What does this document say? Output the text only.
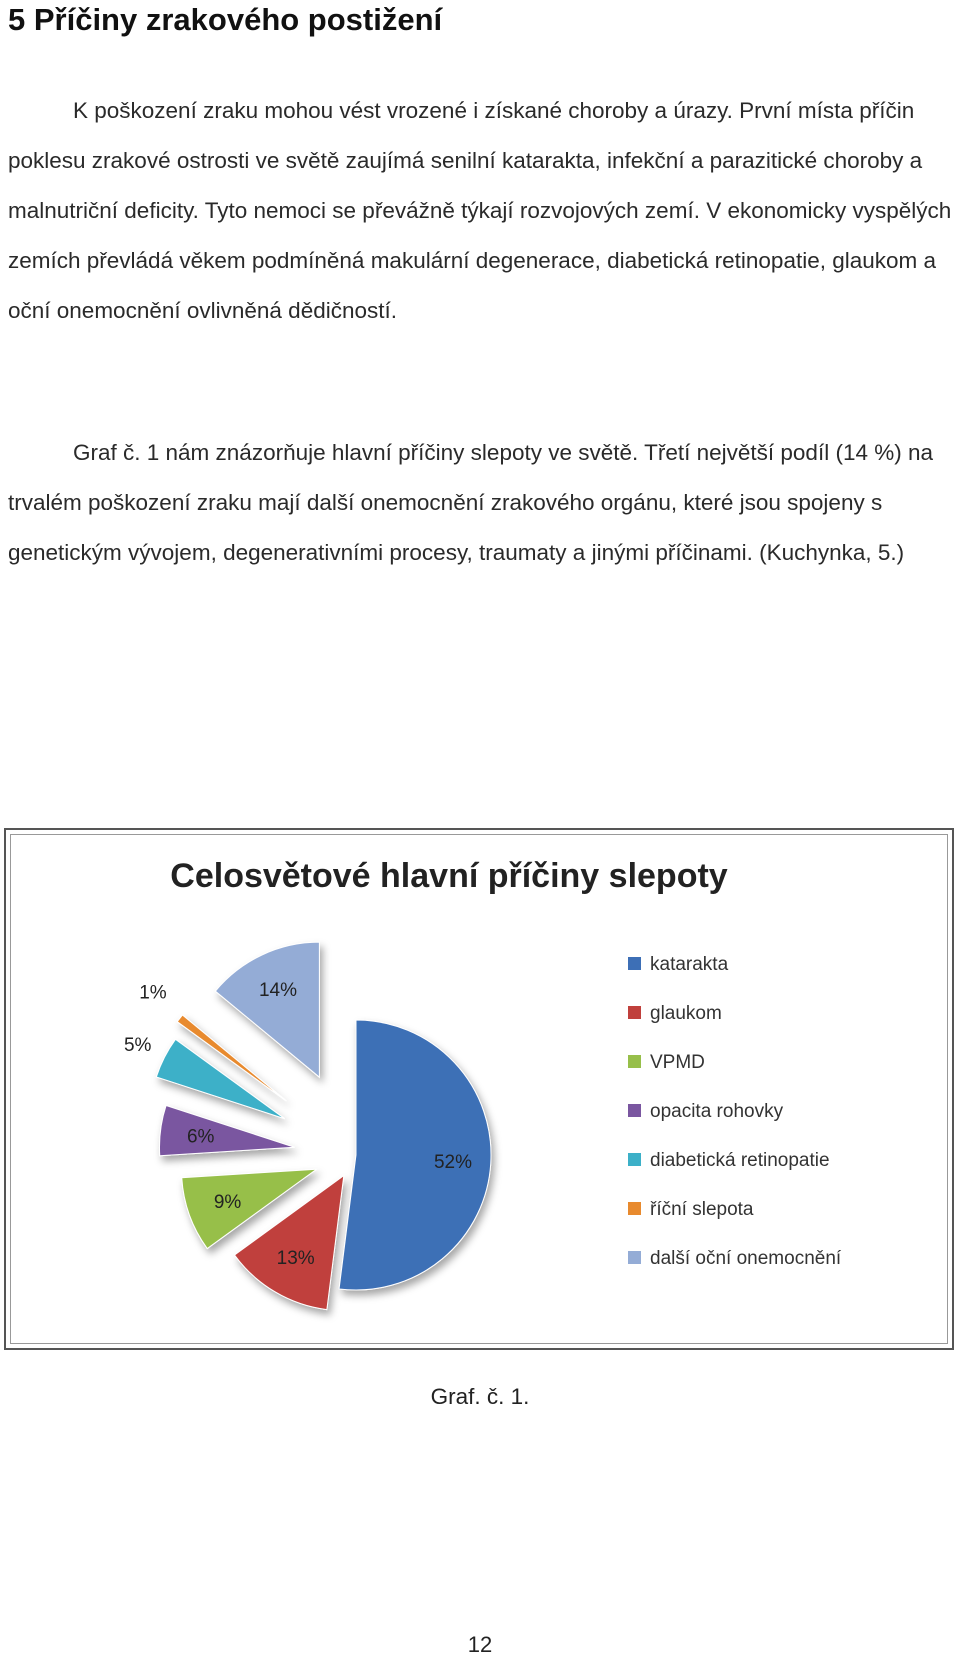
5 Příčiny zrakového postižení

K poškození zraku mohou vést vrozené i získané choroby a úrazy. První místa příčin poklesu zrakové ostrosti ve světě zaujímá senilní katarakta, infekční a parazitické choroby a malnutriční deficity. Tyto nemoci se převážně týkají rozvojových zemí. V ekonomicky vyspělých zemích převládá věkem podmíněná makulární degenerace, diabetická retinopatie, glaukom a oční onemocnění ovlivněná dědičností.

Graf č. 1 nám znázorňuje hlavní příčiny slepoty ve světě. Třetí největší podíl (14 %) na trvalém poškození zraku mají další onemocnění zrakového orgánu, které jsou spojeny s genetickým vývojem, degenerativními procesy, traumaty a jinými příčinami. (Kuchynka, 5.)

Celosvětové hlavní příčiny slepoty
52%
13%
9%
6%
5%
1%	14%
katarakta
glaukom
VPMD
opacita rohovky
diabetická retinopatie
říční slepota
další oční onemocnění
Graf. č. 1.
12
